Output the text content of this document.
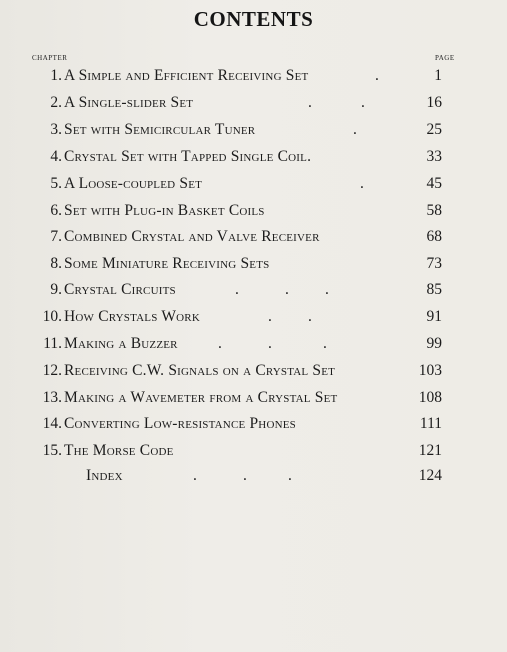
CONTENTS
CHAPTER	PAGE
1. A Simple and Efficient Receiving Set	.	1
2. A Single-slider Set	.	.	16
3. Set with Semicircular Tuner	.	25
4. Crystal Set with Tapped Single Coil.	33
5. A Loose-coupled Set	.	45
6. Set with Plug-in Basket Coils	58
7. Combined Crystal and Valve Receiver	68
8. Some Miniature Receiving Sets	73
9. Crystal Circuits	.	. .	85
10. How Crystals Work	. .	91
11. Making a Buzzer	.	.	.	99
12. Receiving C.W. Signals on a Crystal Set	103
13. Making a Wavemeter from a Crystal Set	108
14. Converting Low-resistance Phones	111
15. The Morse Code	121
Index	.	.	.	124
